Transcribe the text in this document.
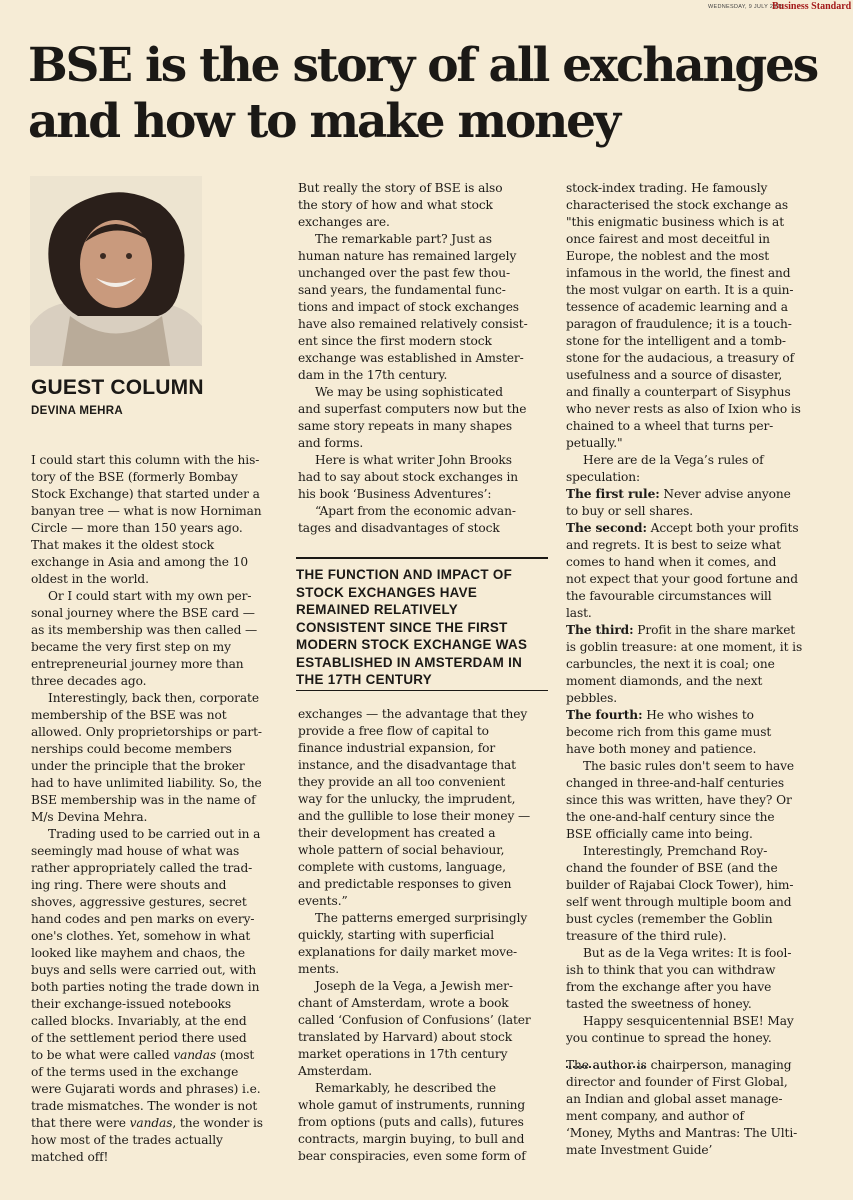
WEDNESDAY, 9 JULY 2025
Business Standard
BSE is the story of all exchanges
and how to make money
GUEST COLUMN
DEVINA MEHRA
I could start this column with the his-
tory of the BSE (formerly Bombay
Stock Exchange) that started under a
banyan tree — what is now Horniman
Circle — more than 150 years ago.
That makes it the oldest stock
exchange in Asia and among the 10
oldest in the world.
Or I could start with my own per-
sonal journey where the BSE card —
as its membership was then called —
became the very first step on my
entrepreneurial journey more than
three decades ago.
Interestingly, back then, corporate
membership of the BSE was not
allowed. Only proprietorships or part-
nerships could become members
under the principle that the broker
had to have unlimited liability. So, the
BSE membership was in the name of
M/s Devina Mehra.
Trading used to be carried out in a
seemingly mad house of what was
rather appropriately called the trad-
ing ring. There were shouts and
shoves, aggressive gestures, secret
hand codes and pen marks on every-
one's clothes. Yet, somehow in what
looked like mayhem and chaos, the
buys and sells were carried out, with
both parties noting the trade down in
their exchange-issued notebooks
called blocks. Invariably, at the end
of the settlement period there used
to be what were called vandas (most
of the terms used in the exchange
were Gujarati words and phrases) i.e.
trade mismatches. The wonder is not
that there were vandas, the wonder is
how most of the trades actually
matched off!
But really the story of BSE is also
the story of how and what stock
exchanges are.
The remarkable part? Just as
human nature has remained largely
unchanged over the past few thou-
sand years, the fundamental func-
tions and impact of stock exchanges
have also remained relatively consist-
ent since the first modern stock
exchange was established in Amster-
dam in the 17th century.
We may be using sophisticated
and superfast computers now but the
same story repeats in many shapes
and forms.
Here is what writer John Brooks
had to say about stock exchanges in
his book ‘Business Adventures’:
“Apart from the economic advan-
tages and disadvantages of stock
THE FUNCTION AND IMPACT OF
STOCK EXCHANGES HAVE
REMAINED RELATIVELY
CONSISTENT SINCE THE FIRST
MODERN STOCK EXCHANGE WAS
ESTABLISHED IN AMSTERDAM IN
THE 17TH CENTURY
exchanges — the advantage that they
provide a free flow of capital to
finance industrial expansion, for
instance, and the disadvantage that
they provide an all too convenient
way for the unlucky, the imprudent,
and the gullible to lose their money —
their development has created a
whole pattern of social behaviour,
complete with customs, language,
and predictable responses to given
events.”
The patterns emerged surprisingly
quickly, starting with superficial
explanations for daily market move-
ments.
Joseph de la Vega, a Jewish mer-
chant of Amsterdam, wrote a book
called ‘Confusion of Confusions’ (later
translated by Harvard) about stock
market operations in 17th century
Amsterdam.
Remarkably, he described the
whole gamut of instruments, running
from options (puts and calls), futures
contracts, margin buying, to bull and
bear conspiracies, even some form of
stock-index trading. He famously
characterised the stock exchange as
"this enigmatic business which is at
once fairest and most deceitful in
Europe, the noblest and the most
infamous in the world, the finest and
the most vulgar on earth. It is a quin-
tessence of academic learning and a
paragon of fraudulence; it is a touch-
stone for the intelligent and a tomb-
stone for the audacious, a treasury of
usefulness and a source of disaster,
and finally a counterpart of Sisyphus
who never rests as also of Ixion who is
chained to a wheel that turns per-
petually."
Here are de la Vega’s rules of
speculation:
The first rule: Never advise anyone
to buy or sell shares.
The second: Accept both your profits
and regrets. It is best to seize what
comes to hand when it comes, and
not expect that your good fortune and
the favourable circumstances will
last.
The third: Profit in the share market
is goblin treasure: at one moment, it is
carbuncles, the next it is coal; one
moment diamonds, and the next
pebbles.
The fourth: He who wishes to
become rich from this game must
have both money and patience.
The basic rules don't seem to have
changed in three-and-half centuries
since this was written, have they? Or
the one-and-half century since the
BSE officially came into being.
Interestingly, Premchand Roy-
chand the founder of BSE (and the
builder of Rajabai Clock Tower), him-
self went through multiple boom and
bust cycles (remember the Goblin
treasure of the third rule).
But as de la Vega writes: It is fool-
ish to think that you can withdraw
from the exchange after you have
tasted the sweetness of honey.
Happy sesquicentennial BSE! May
you continue to spread the honey.
The author is chairperson, managing
director and founder of First Global,
an Indian and global asset manage-
ment company, and author of
‘Money, Myths and Mantras: The Ulti-
mate Investment Guide’
